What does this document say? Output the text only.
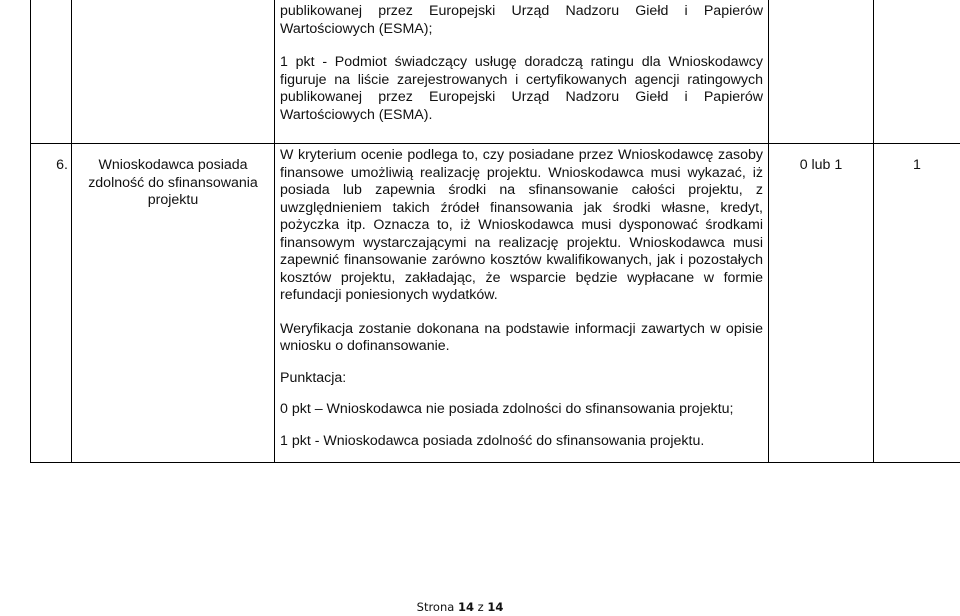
		publikowanej przez Europejski Urząd Nadzoru Giełd i Papierów Wartościowych (ESMA);

1 pkt - Podmiot świadczący usługę doradczą ratingu dla Wnioskodawcy figuruje na liście zarejestrowanych i certyfikowanych agencji ratingowych publikowanej przez Europejski Urząd Nadzoru Giełd i Papierów Wartościowych (ESMA).		

6.	Wnioskodawca posiada zdolność do sfinansowania projektu	W kryterium ocenie podlega to, czy posiadane przez Wnioskodawcę zasoby finansowe umożliwią realizację projektu. Wnioskodawca musi wykazać, iż posiada lub zapewnia środki na sfinansowanie całości projektu, z uwzględnieniem takich źródeł finansowania jak środki własne, kredyt, pożyczka itp. Oznacza to, iż Wnioskodawca musi dysponować środkami finansowym wystarczającymi na realizację projektu. Wnioskodawca musi zapewnić finansowanie zarówno kosztów kwalifikowanych, jak i pozostałych kosztów projektu, zakładając, że wsparcie będzie wypłacane w formie refundacji poniesionych wydatków.

Weryfikacja zostanie dokonana na podstawie informacji zawartych w opisie wniosku o dofinansowanie.

Punktacja:

0 pkt – Wnioskodawca nie posiada zdolności do sfinansowania projektu;

1 pkt - Wnioskodawca posiada zdolność do sfinansowania projektu.	0 lub 1	1
Strona 14 z 14
